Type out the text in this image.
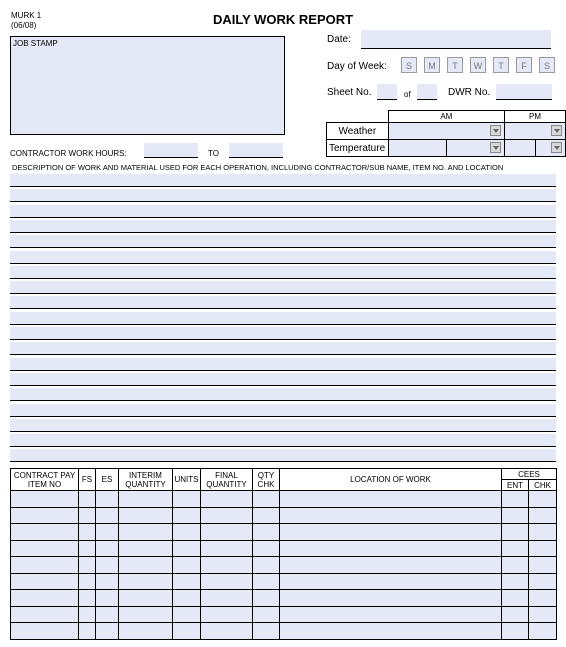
MURK 1
(06/08)	DAILY WORK REPORT
JOB STAMP	Date:
Day of Week:	S	M	T	W	T	F	S
Sheet No.	of	DWR No.
	AM		PM	
Weather			

Temperature		

CONTRACTOR WORK HOURS:	TO
DESCRIPTION OF WORK AND MATERIAL USED FOR EACH OPERATION, INCLUDING CONTRACTOR/SUB NAME, ITEM NO. AND LOCATION
CONTRACT PAY ITEM NO	FS	ES	INTERIM QUANTITY	UNITS	FINAL QUANTITY	QTY CHK	LOCATION OF WORK	CEES	
								ENT	CHK
